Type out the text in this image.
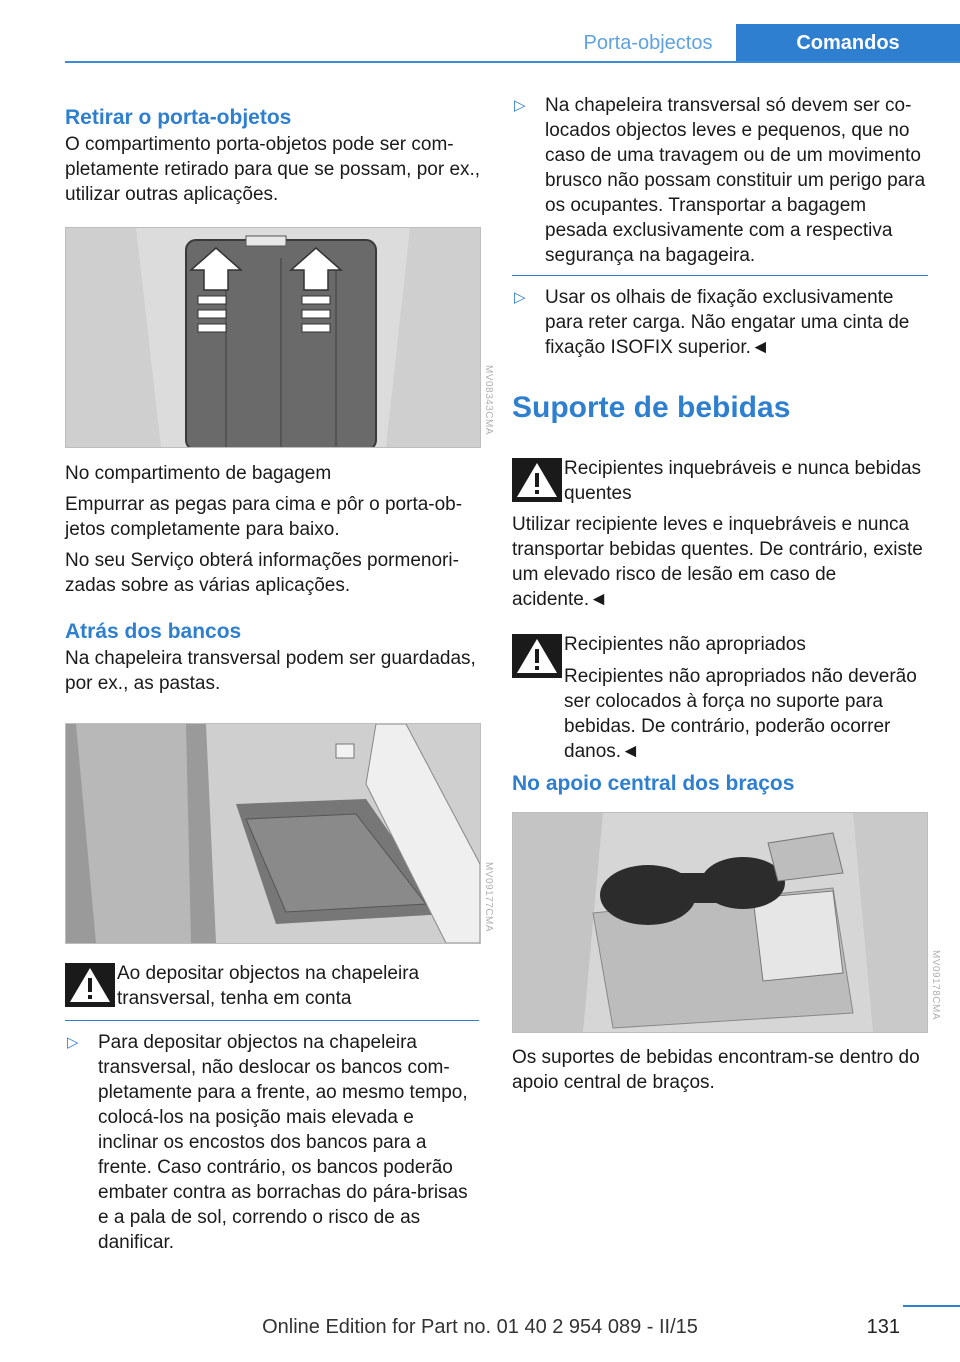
Porta-objectos	Comandos

Retirar o porta-objetos

O compartimento porta-objetos pode ser completamente retirado para que se possam, por ex., utilizar outras aplicações.

MV08343CMA

No compartimento de bagagem

Empurrar as pegas para cima e pôr o porta-objetos completamente para baixo.

No seu Serviço obterá informações pormenorizadas sobre as várias aplicações.

Atrás dos bancos

Na chapeleira transversal podem ser guardadas, por ex., as pastas.

MV09177CMA

Ao depositar objectos na chapeleira transversal, tenha em conta

▷ Para depositar objectos na chapeleira transversal, não deslocar os bancos completamente para a frente, ao mesmo tempo, colocá-los na posição mais elevada e inclinar os encostos dos bancos para a frente. Caso contrário, os bancos poderão embater contra as borrachas do pára-brisas e a pala de sol, correndo o risco de as danificar.

▷ Na chapeleira transversal só devem ser colocados objectos leves e pequenos, que no caso de uma travagem ou de um movimento brusco não possam constituir um perigo para os ocupantes. Transportar a bagagem pesada exclusivamente com a respectiva segurança na bagageira.

▷ Usar os olhais de fixação exclusivamente para reter carga. Não engatar uma cinta de fixação ISOFIX superior.◄

Suporte de bebidas

Recipientes inquebráveis e nunca bebidas quentes

Utilizar recipiente leves e inquebráveis e nunca transportar bebidas quentes. De contrário, existe um elevado risco de lesão em caso de acidente.◄

Recipientes não apropriados

Recipientes não apropriados não deverão ser colocados à força no suporte para bebidas. De contrário, poderão ocorrer danos.◄

No apoio central dos braços

MV09178CMA

Os suportes de bebidas encontram-se dentro do apoio central de braços.

131
Online Edition for Part no. 01 40 2 954 089 - II/15
